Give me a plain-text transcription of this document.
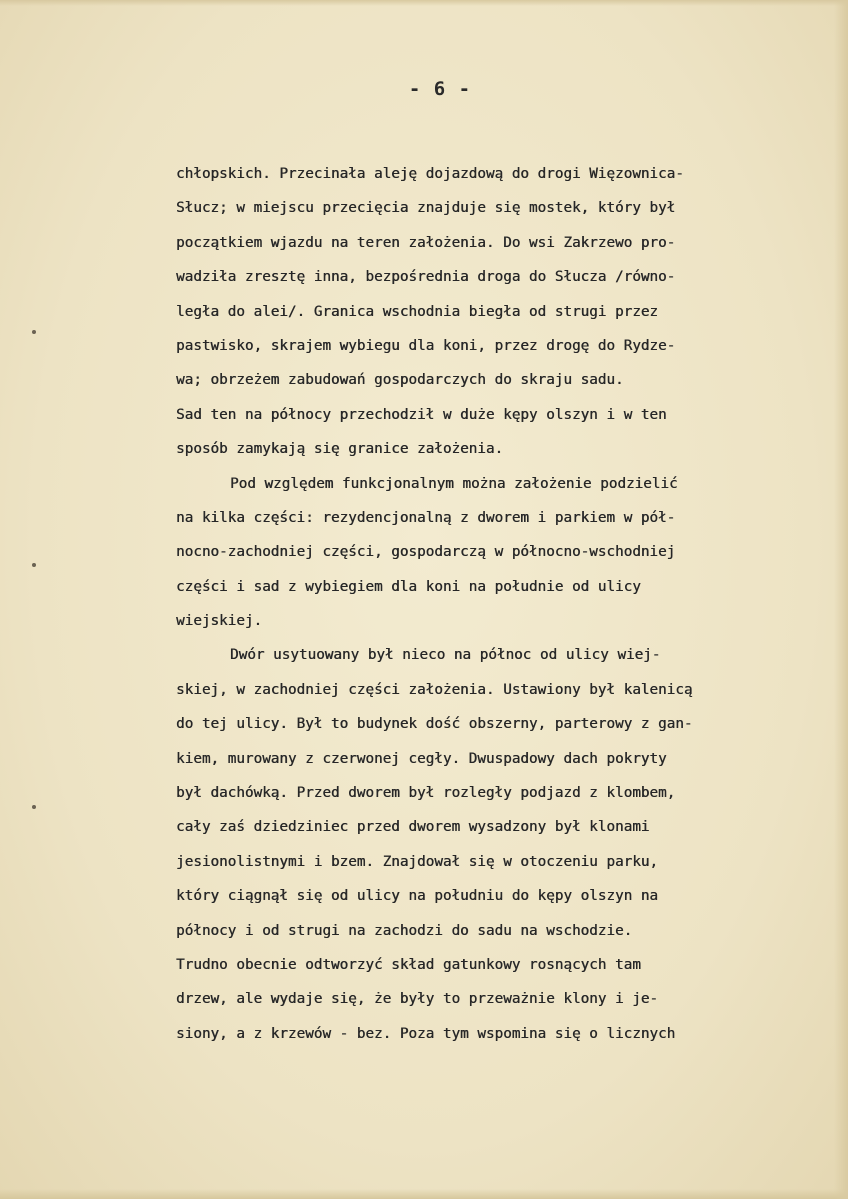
- 6 -
chłopskich. Przecinała aleję dojazdową do drogi Więzownica-
Słucz; w miejscu przecięcia znajduje się mostek, który był
początkiem wjazdu na teren założenia. Do wsi Zakrzewo pro-
wadziła zresztę inna, bezpośrednia droga do Słucza /równo-
legła do alei/. Granica wschodnia biegła od strugi przez
pastwisko, skrajem wybiegu dla koni, przez drogę do Rydze-
wa; obrzeżem zabudowań gospodarczych do skraju sadu.
Sad ten na północy przechodził w duże kępy olszyn i w ten
sposób zamykają się granice założenia.
Pod względem funkcjonalnym można założenie podzielić
na kilka części: rezydencjonalną z dworem i parkiem w pół-
nocno-zachodniej części, gospodarczą w północno-wschodniej
części i sad z wybiegiem dla koni na południe od ulicy
wiejskiej.
Dwór usytuowany był nieco na północ od ulicy wiej-
skiej, w zachodniej części założenia. Ustawiony był kalenicą
do tej ulicy. Był to budynek dość obszerny, parterowy z gan-
kiem, murowany z czerwonej cegły. Dwuspadowy dach pokryty
był dachówką. Przed dworem był rozległy podjazd z klombem,
cały zaś dziedziniec przed dworem wysadzony był klonami
jesionolistnymi i bzem. Znajdował się w otoczeniu parku,
który ciągnął się od ulicy na południu do kępy olszyn na
północy i od strugi na zachodzi do sadu na wschodzie.
Trudno obecnie odtworzyć skład gatunkowy rosnących tam
drzew, ale wydaje się, że były to przeważnie klony i je-
siony, a z krzewów - bez. Poza tym wspomina się o licznych
